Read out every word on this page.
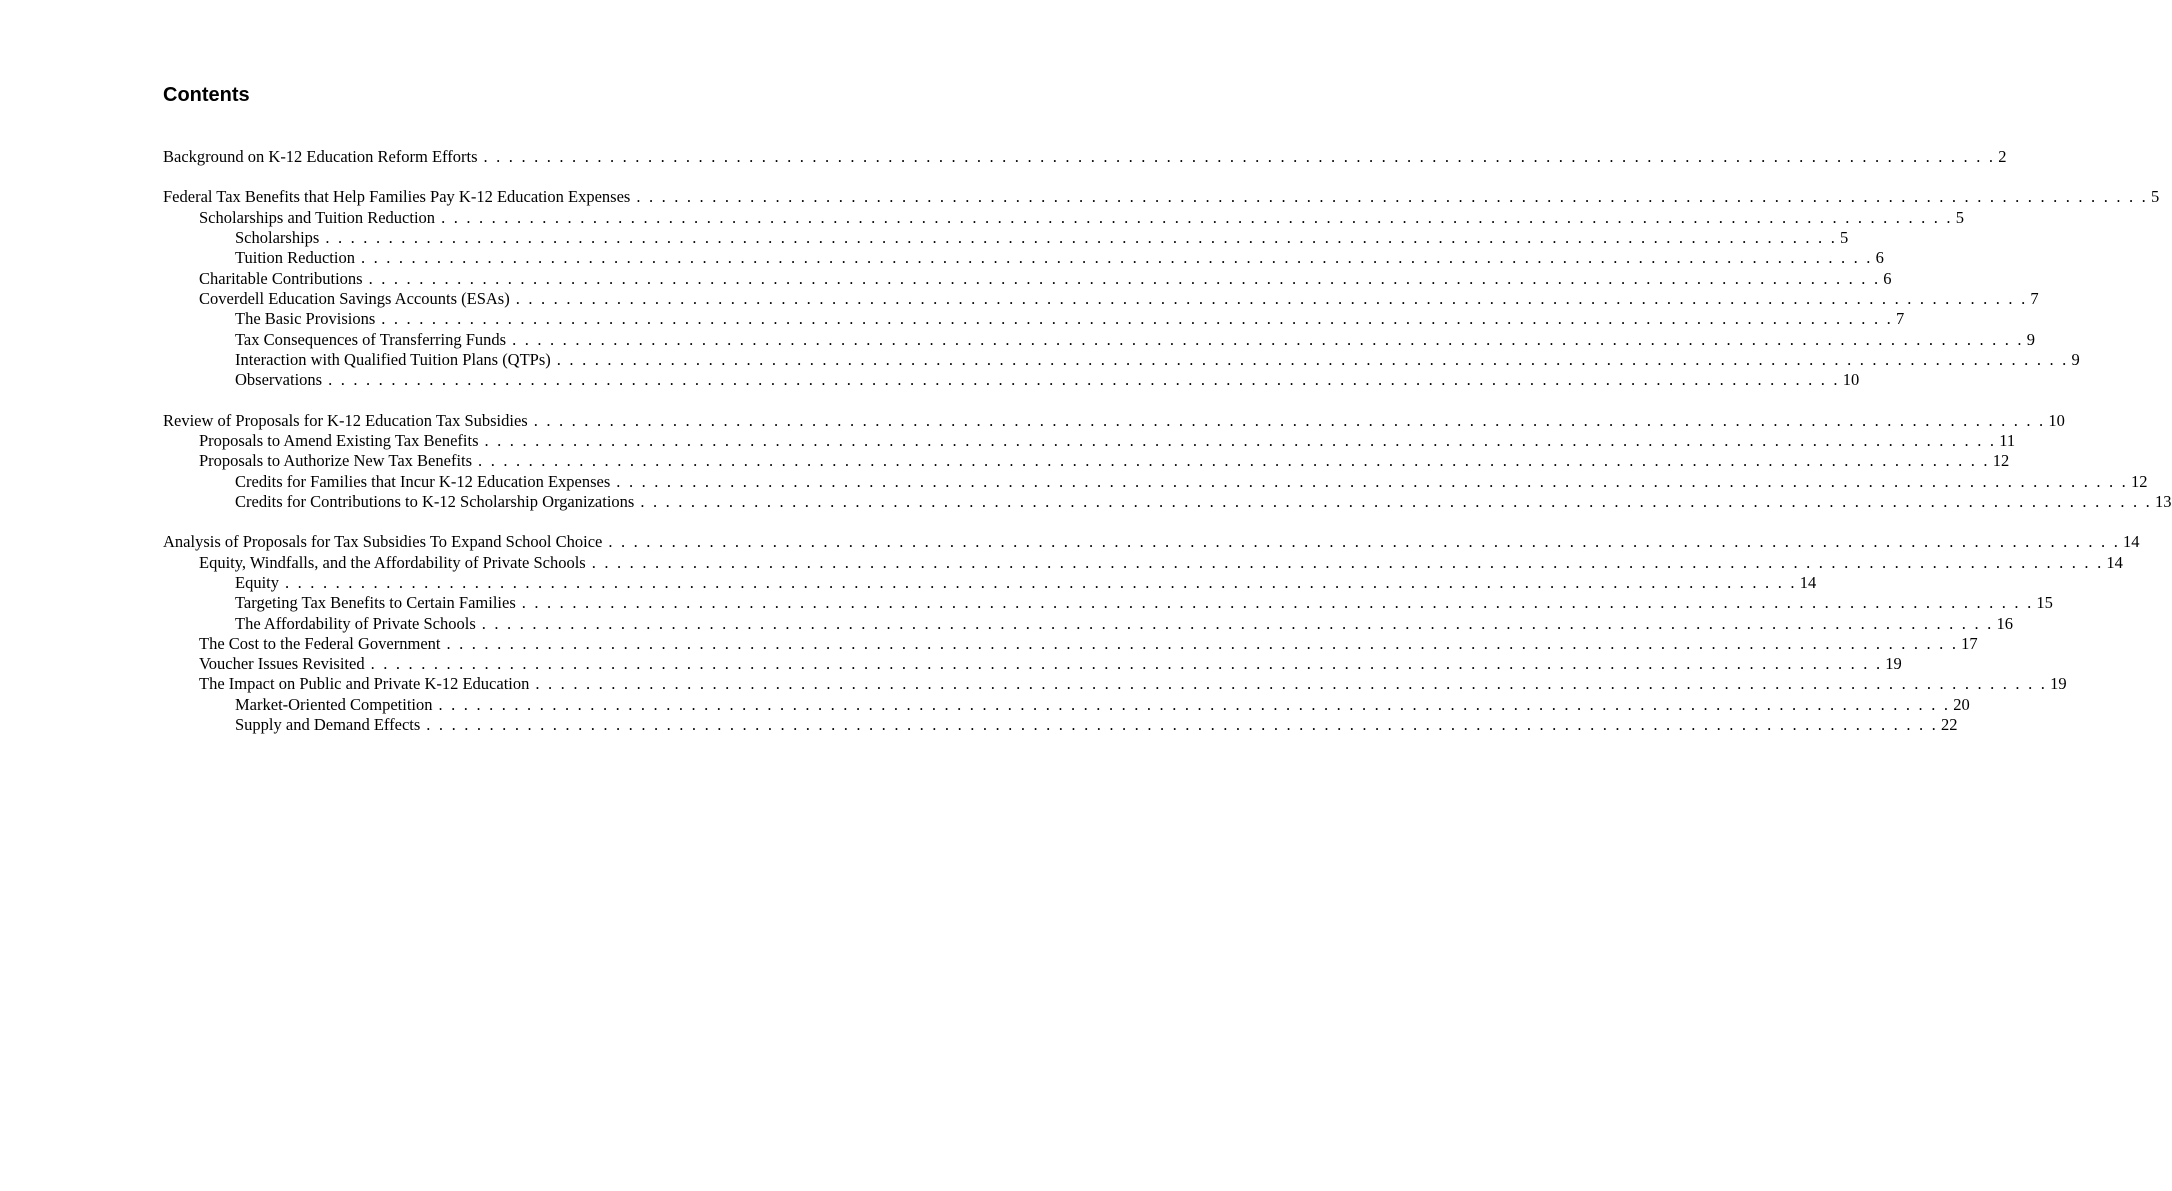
Contents
Background on K-12 Education Reform Efforts . . . . . . . . . . . . . . . . . . . . . . . . . . . . . . . . . . . . . . . . . . . . . . . . . . . . . . . . . . . . . . . . . . . . . . . . . . . . . . . . . . . . . . . . . . . . . . . . . . . . . . . . . . . . . . . . . . . . . . . . 2
Federal Tax Benefits that Help Families Pay K-12 Education Expenses . . . . . . . . . . . . . . . . . . . . . . . . . . . . . . . . . . . . . . . . . . . . . . . . . . . . . . . . . . . . . . . . . . . . . . . . . . . . . . . . . . . . . . . . . . . . . . . . . . . . . . . . . . . . . . . . . . . . . . . . 5
Scholarships and Tuition Reduction . . . . . . . . . . . . . . . . . . . . . . . . . . . . . . . . . . . . . . . . . . . . . . . . . . . . . . . . . . . . . . . . . . . . . . . . . . . . . . . . . . . . . . . . . . . . . . . . . . . . . . . . . . . . . . . . . . . . . . . . 5
Scholarships . . . . . . . . . . . . . . . . . . . . . . . . . . . . . . . . . . . . . . . . . . . . . . . . . . . . . . . . . . . . . . . . . . . . . . . . . . . . . . . . . . . . . . . . . . . . . . . . . . . . . . . . . . . . . . . . . . . . . . . . 5
Tuition Reduction . . . . . . . . . . . . . . . . . . . . . . . . . . . . . . . . . . . . . . . . . . . . . . . . . . . . . . . . . . . . . . . . . . . . . . . . . . . . . . . . . . . . . . . . . . . . . . . . . . . . . . . . . . . . . . . . . . . . . . . . 6
Charitable Contributions . . . . . . . . . . . . . . . . . . . . . . . . . . . . . . . . . . . . . . . . . . . . . . . . . . . . . . . . . . . . . . . . . . . . . . . . . . . . . . . . . . . . . . . . . . . . . . . . . . . . . . . . . . . . . . . . . . . . . . . . 6
Coverdell Education Savings Accounts (ESAs) . . . . . . . . . . . . . . . . . . . . . . . . . . . . . . . . . . . . . . . . . . . . . . . . . . . . . . . . . . . . . . . . . . . . . . . . . . . . . . . . . . . . . . . . . . . . . . . . . . . . . . . . . . . . . . . . . . . . . . . . 7
The Basic Provisions . . . . . . . . . . . . . . . . . . . . . . . . . . . . . . . . . . . . . . . . . . . . . . . . . . . . . . . . . . . . . . . . . . . . . . . . . . . . . . . . . . . . . . . . . . . . . . . . . . . . . . . . . . . . . . . . . . . . . . . . 7
Tax Consequences of Transferring Funds . . . . . . . . . . . . . . . . . . . . . . . . . . . . . . . . . . . . . . . . . . . . . . . . . . . . . . . . . . . . . . . . . . . . . . . . . . . . . . . . . . . . . . . . . . . . . . . . . . . . . . . . . . . . . . . . . . . . . . . . 9
Interaction with Qualified Tuition Plans (QTPs) . . . . . . . . . . . . . . . . . . . . . . . . . . . . . . . . . . . . . . . . . . . . . . . . . . . . . . . . . . . . . . . . . . . . . . . . . . . . . . . . . . . . . . . . . . . . . . . . . . . . . . . . . . . . . . . . . . . . . . . . 9
Observations . . . . . . . . . . . . . . . . . . . . . . . . . . . . . . . . . . . . . . . . . . . . . . . . . . . . . . . . . . . . . . . . . . . . . . . . . . . . . . . . . . . . . . . . . . . . . . . . . . . . . . . . . . . . . . . . . . . . . . . . 10
Review of Proposals for K-12 Education Tax Subsidies . . . . . . . . . . . . . . . . . . . . . . . . . . . . . . . . . . . . . . . . . . . . . . . . . . . . . . . . . . . . . . . . . . . . . . . . . . . . . . . . . . . . . . . . . . . . . . . . . . . . . . . . . . . . . . . . . . . . . . . . 10
Proposals to Amend Existing Tax Benefits . . . . . . . . . . . . . . . . . . . . . . . . . . . . . . . . . . . . . . . . . . . . . . . . . . . . . . . . . . . . . . . . . . . . . . . . . . . . . . . . . . . . . . . . . . . . . . . . . . . . . . . . . . . . . . . . . . . . . . . . 11
Proposals to Authorize New Tax Benefits . . . . . . . . . . . . . . . . . . . . . . . . . . . . . . . . . . . . . . . . . . . . . . . . . . . . . . . . . . . . . . . . . . . . . . . . . . . . . . . . . . . . . . . . . . . . . . . . . . . . . . . . . . . . . . . . . . . . . . . . 12
Credits for Families that Incur K-12 Education Expenses . . . . . . . . . . . . . . . . . . . . . . . . . . . . . . . . . . . . . . . . . . . . . . . . . . . . . . . . . . . . . . . . . . . . . . . . . . . . . . . . . . . . . . . . . . . . . . . . . . . . . . . . . . . . . . . . . . . . . . . . 12
Credits for Contributions to K-12 Scholarship Organizations . . . . . . . . . . . . . . . . . . . . . . . . . . . . . . . . . . . . . . . . . . . . . . . . . . . . . . . . . . . . . . . . . . . . . . . . . . . . . . . . . . . . . . . . . . . . . . . . . . . . . . . . . . . . . . . . . . . . . . . . 13
Analysis of Proposals for Tax Subsidies To Expand School Choice . . . . . . . . . . . . . . . . . . . . . . . . . . . . . . . . . . . . . . . . . . . . . . . . . . . . . . . . . . . . . . . . . . . . . . . . . . . . . . . . . . . . . . . . . . . . . . . . . . . . . . . . . . . . . . . . . . . . . . . . 14
Equity, Windfalls, and the Affordability of Private Schools . . . . . . . . . . . . . . . . . . . . . . . . . . . . . . . . . . . . . . . . . . . . . . . . . . . . . . . . . . . . . . . . . . . . . . . . . . . . . . . . . . . . . . . . . . . . . . . . . . . . . . . . . . . . . . . . . . . . . . . . 14
Equity . . . . . . . . . . . . . . . . . . . . . . . . . . . . . . . . . . . . . . . . . . . . . . . . . . . . . . . . . . . . . . . . . . . . . . . . . . . . . . . . . . . . . . . . . . . . . . . . . . . . . . . . . . . . . . . . . . . . . . . . 14
Targeting Tax Benefits to Certain Families . . . . . . . . . . . . . . . . . . . . . . . . . . . . . . . . . . . . . . . . . . . . . . . . . . . . . . . . . . . . . . . . . . . . . . . . . . . . . . . . . . . . . . . . . . . . . . . . . . . . . . . . . . . . . . . . . . . . . . . . 15
The Affordability of Private Schools . . . . . . . . . . . . . . . . . . . . . . . . . . . . . . . . . . . . . . . . . . . . . . . . . . . . . . . . . . . . . . . . . . . . . . . . . . . . . . . . . . . . . . . . . . . . . . . . . . . . . . . . . . . . . . . . . . . . . . . . 16
The Cost to the Federal Government . . . . . . . . . . . . . . . . . . . . . . . . . . . . . . . . . . . . . . . . . . . . . . . . . . . . . . . . . . . . . . . . . . . . . . . . . . . . . . . . . . . . . . . . . . . . . . . . . . . . . . . . . . . . . . . . . . . . . . . . 17
Voucher Issues Revisited . . . . . . . . . . . . . . . . . . . . . . . . . . . . . . . . . . . . . . . . . . . . . . . . . . . . . . . . . . . . . . . . . . . . . . . . . . . . . . . . . . . . . . . . . . . . . . . . . . . . . . . . . . . . . . . . . . . . . . . . 19
The Impact on Public and Private K-12 Education . . . . . . . . . . . . . . . . . . . . . . . . . . . . . . . . . . . . . . . . . . . . . . . . . . . . . . . . . . . . . . . . . . . . . . . . . . . . . . . . . . . . . . . . . . . . . . . . . . . . . . . . . . . . . . . . . . . . . . . . 19
Market-Oriented Competition . . . . . . . . . . . . . . . . . . . . . . . . . . . . . . . . . . . . . . . . . . . . . . . . . . . . . . . . . . . . . . . . . . . . . . . . . . . . . . . . . . . . . . . . . . . . . . . . . . . . . . . . . . . . . . . . . . . . . . . . 20
Supply and Demand Effects . . . . . . . . . . . . . . . . . . . . . . . . . . . . . . . . . . . . . . . . . . . . . . . . . . . . . . . . . . . . . . . . . . . . . . . . . . . . . . . . . . . . . . . . . . . . . . . . . . . . . . . . . . . . . . . . . . . . . . . . 22
